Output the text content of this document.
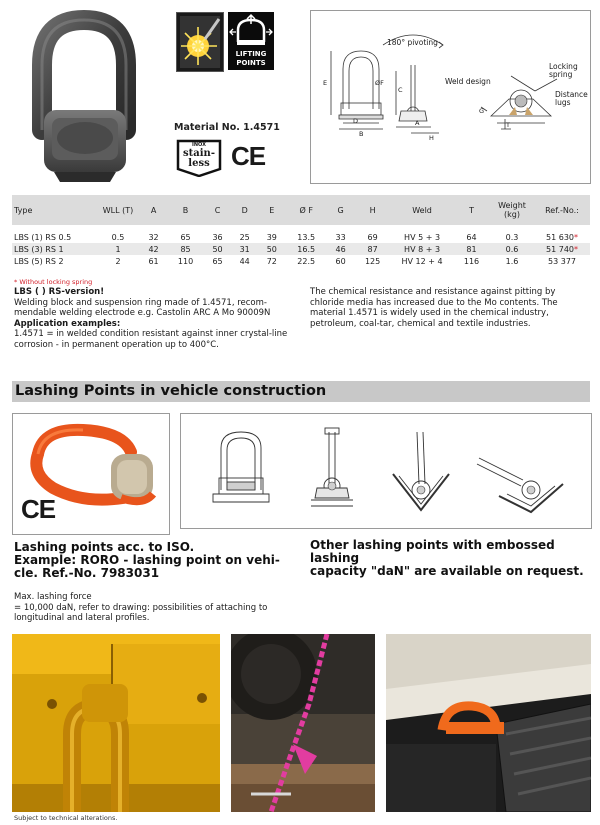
LIFTING
POINTS
Material No. 1.4571
INOX
stain-
less CE
E	ØF
D
B
A
H
C
T
G
180° pivoting
Weld design
Locking spring
Distance lugs
Type	WLL (T)	A	B	C	D	E	Ø F	G	H	Weld	T	Weight (kg)	Ref.-No.:

LBS (1) RS 0.5	0.5	32	65	36	25	39	13.5	33	69	HV 5 + 3	64	0.3	51 630*
LBS (3) RS 1	1	42	85	50	31	50	16.5	46	87	HV 8 + 3	81	0.6	51 740*
LBS (5) RS 2	2	61	110	65	44	72	22.5	60	125	HV 12 + 4	116	1.6	53 377
* Without locking spring
LBS ( ) RS-version!
Welding block and suspension ring made of 1.4571, recom-mendable welding electrode e.g. Castolin ARC A Mo 90009N
Application examples:
1.4571 = in welded condition resistant against inner crystal-line corrosion - in permanent operation up to 400°C.
The chemical resistance and resistance against pitting by chloride media has increased due to the Mo contents. The material 1.4571 is widely used in the chemical industry, petroleum, coal-tar, chemical and textile industries.
Lashing Points in vehicle construction
CE
Lashing points acc. to ISO.
Example: RORO - lashing point on vehi-
cle. Ref.-No. 7983031
Other lashing points with embossed lashing
capacity "daN" are available on request.
Max. lashing force
= 10,000 daN, refer to drawing: possibilities of attaching to
longitudinal and lateral profiles.
Subject to technical alterations.
